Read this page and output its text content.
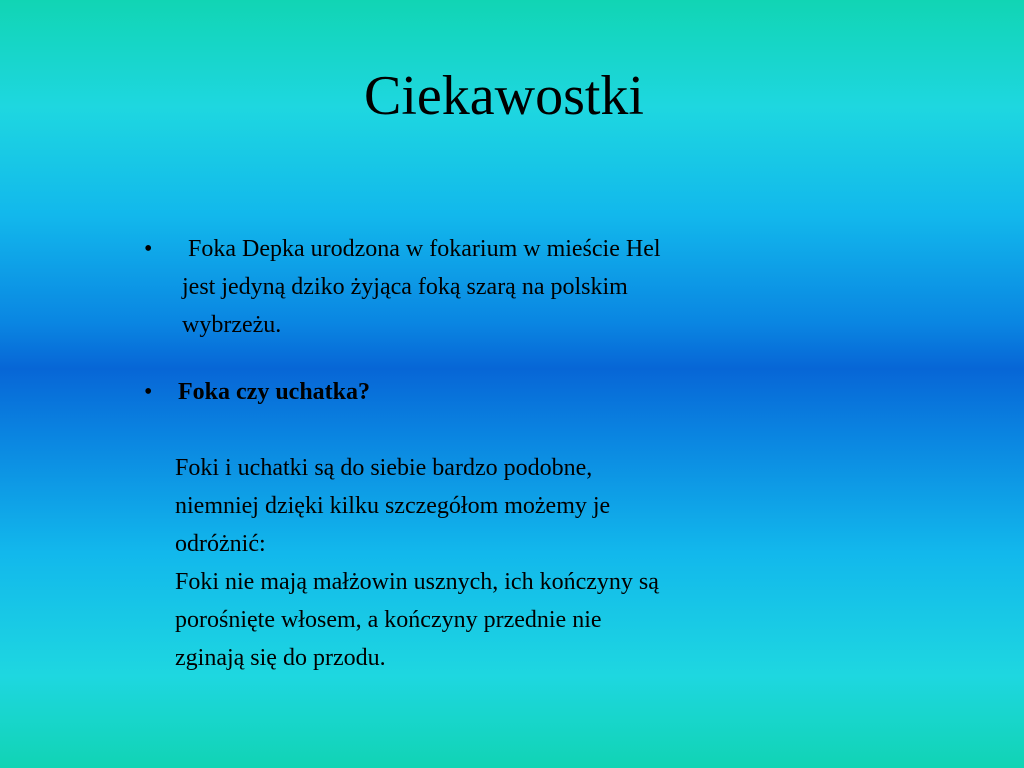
Ciekawostki
• Foka Depka urodzona w fokarium w mieście Hel
jest jedyną dziko żyjąca foką szarą na polskim
wybrzeżu.
• Foka czy uchatka?

Foki i uchatki są do siebie bardzo podobne,

niemniej dzięki kilku szczegółom możemy je

odróżnić:

Foki nie mają małżowin usznych, ich kończyny są

porośnięte włosem, a kończyny przednie nie

zginają się do przodu.
